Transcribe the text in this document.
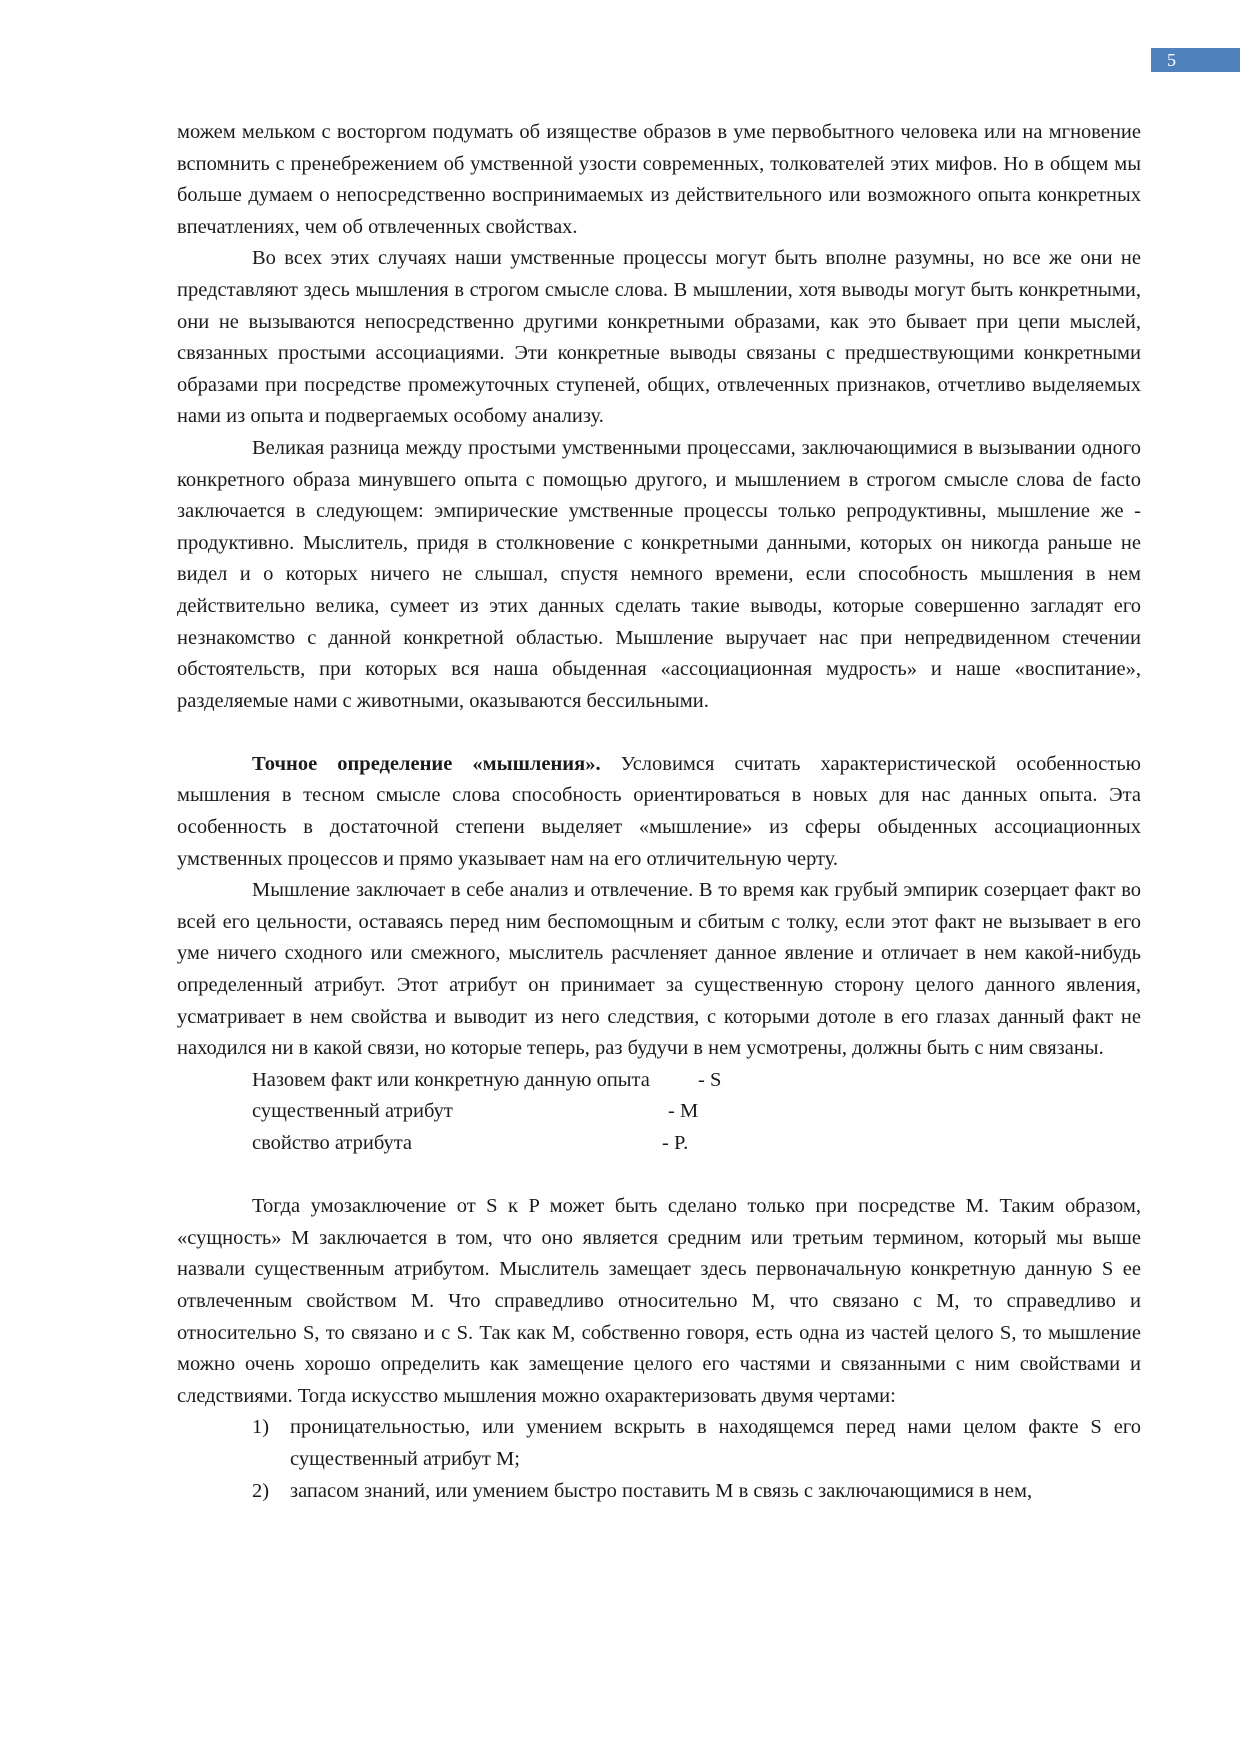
5

можем мельком с восторгом подумать об изяществе образов в уме первобытного человека или на мгновение вспомнить с пренебрежением об умственной узости современных, толкователей этих мифов. Но в общем мы больше думаем о непосредственно воспринимаемых из действительного или возможного опыта конкретных впечатлениях, чем об отвлеченных свойствах.

Во всех этих случаях наши умственные процессы могут быть вполне разумны, но все же они не представляют здесь мышления в строгом смысле слова. В мышлении, хотя выводы могут быть конкретными, они не вызываются непосредственно другими конкретными образами, как это бывает при цепи мыслей, связанных простыми ассоциациями. Эти конкретные выводы связаны с предшествующими конкретными образами при посредстве промежуточных ступеней, общих, отвлеченных признаков, отчетливо выделяемых нами из опыта и подвергаемых особому анализу.

Великая разница между простыми умственными процессами, заключающимися в вызывании одного конкретного образа минувшего опыта с помощью другого, и мышлением в строгом смысле слова de facto заключается в следующем: эмпирические умственные процессы только репродуктивны, мышление же - продуктивно. Мыслитель, придя в столкновение с конкретными данными, которых он никогда раньше не видел и о которых ничего не слышал, спустя немного времени, если способность мышления в нем действительно велика, сумеет из этих данных сделать такие выводы, которые совершенно загладят его незнакомство с данной конкретной областью. Мышление выручает нас при непредвиденном стечении обстоятельств, при которых вся наша обыденная «ассоциационная мудрость» и наше «воспитание», разделяемые нами с животными, оказываются бессильными.

Точное определение «мышления». Условимся считать характеристической особенностью мышления в тесном смысле слова способность ориентироваться в новых для нас данных опыта. Эта особенность в достаточной степени выделяет «мышление» из сферы обыденных ассоциационных умственных процессов и прямо указывает нам на его отличительную черту.

Мышление заключает в себе анализ и отвлечение. В то время как грубый эмпирик созерцает факт во всей его цельности, оставаясь перед ним беспомощным и сбитым с толку, если этот факт не вызывает в его уме ничего сходного или смежного, мыслитель расчленяет данное явление и отличает в нем какой-нибудь определенный атрибут. Этот атрибут он принимает за существенную сторону целого данного явления, усматривает в нем свойства и выводит из него следствия, с которыми дотоле в его глазах данный факт не находился ни в какой связи, но которые теперь, раз будучи в нем усмотрены, должны быть с ним связаны.

Назовем факт или конкретную данную опыта	- S
существенный атрибут	- M
свойство атрибута	- P.

Тогда умозаключение от S к P может быть сделано только при посредстве M. Таким образом, «сущность» M заключается в том, что оно является средним или третьим термином, который мы выше назвали существенным атрибутом. Мыслитель замещает здесь первоначальную конкретную данную S ее отвлеченным свойством M. Что справедливо относительно M, что связано с M, то справедливо и относительно S, то связано и с S. Так как M, собственно говоря, есть одна из частей целого S, то мышление можно очень хорошо определить как замещение целого его частями и связанными с ним свойствами и следствиями. Тогда искусство мышления можно охарактеризовать двумя чертами:

1)	проницательностью, или умением вскрыть в находящемся перед нами целом факте S его существенный атрибут M;
2)	запасом знаний, или умением быстро поставить M в связь с заключающимися в нем,
